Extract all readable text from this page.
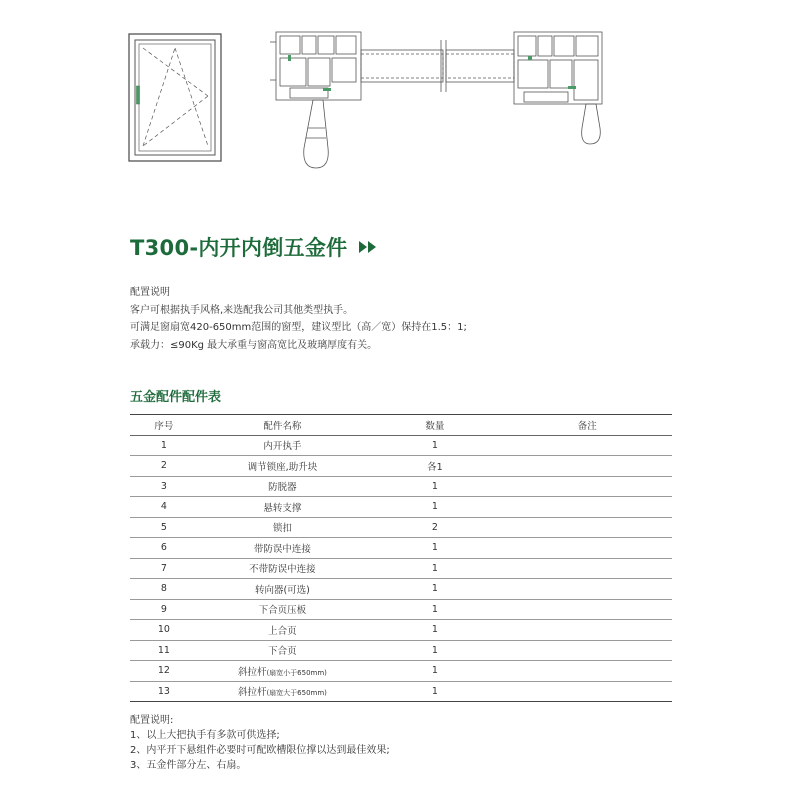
T300-内开内倒五金件

配置说明

客户可根据执手风格,来选配我公司其他类型执手。

可满足窗扇宽420-650mm范围的窗型，建议型比（高／宽）保持在1.5：1;

承载力：≤90Kg 最大承重与窗高宽比及玻璃厚度有关。

五金配件配件表
序号	配件名称	数量	备注
1	内开执手	1	
2	调节锁座,助升块	各1	
3	防脱器	1	
4	悬转支撑	1	
5	锁扣	2	
6	带防误中连接	1	
7	不带防误中连接	1	
8	转向器(可选)	1	
9	下合页压板	1	
10	上合页	1	
11	下合页	1	
12	斜拉杆(扇宽小于650mm)	1	
13	斜拉杆(扇宽大于650mm)	1	

配置说明:

1、以上大把执手有多款可供选择;

2、内平开下悬组件必要时可配欧槽限位撑以达到最佳效果;

3、五金件部分左、右扇。
